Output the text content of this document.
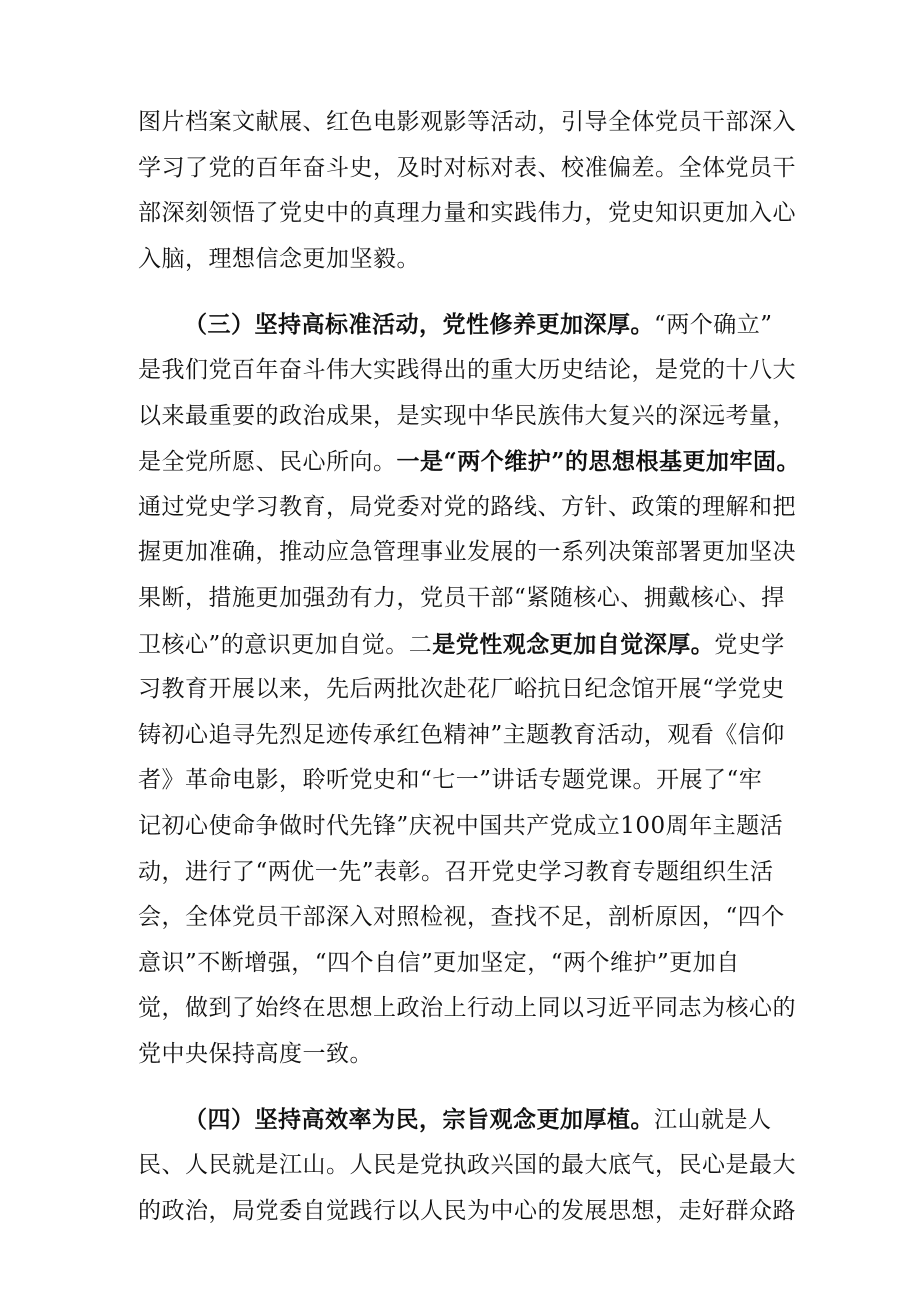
图片档案文献展、红色电影观影等活动，引导全体党员干部深入
学习了党的百年奋斗史，及时对标对表、校准偏差。全体党员干
部深刻领悟了党史中的真理力量和实践伟力，党史知识更加入心
入脑，理想信念更加坚毅。
（三）坚持高标准活动，党性修养更加深厚。“两个确立”
是我们党百年奋斗伟大实践得出的重大历史结论，是党的十八大
以来最重要的政治成果，是实现中华民族伟大复兴的深远考量，
是全党所愿、民心所向。一是“两个维护”的思想根基更加牢固。
通过党史学习教育，局党委对党的路线、方针、政策的理解和把
握更加准确，推动应急管理事业发展的一系列决策部署更加坚决
果断，措施更加强劲有力，党员干部“紧随核心、拥戴核心、捍
卫核心”的意识更加自觉。二是党性观念更加自觉深厚。党史学
习教育开展以来，先后两批次赴花厂峪抗日纪念馆开展“学党史
铸初心追寻先烈足迹传承红色精神”主题教育活动，观看《信仰
者》革命电影，聆听党史和“七一”讲话专题党课。开展了“牢
记初心使命争做时代先锋”庆祝中国共产党成立100周年主题活
动，进行了“两优一先”表彰。召开党史学习教育专题组织生活
会，全体党员干部深入对照检视，查找不足，剖析原因，“四个
意识”不断增强，“四个自信”更加坚定，“两个维护”更加自
觉，做到了始终在思想上政治上行动上同以习近平同志为核心的
党中央保持高度一致。
（四）坚持高效率为民，宗旨观念更加厚植。江山就是人
民、人民就是江山。人民是党执政兴国的最大底气，民心是最大
的政治，局党委自觉践行以人民为中心的发展思想，走好群众路
